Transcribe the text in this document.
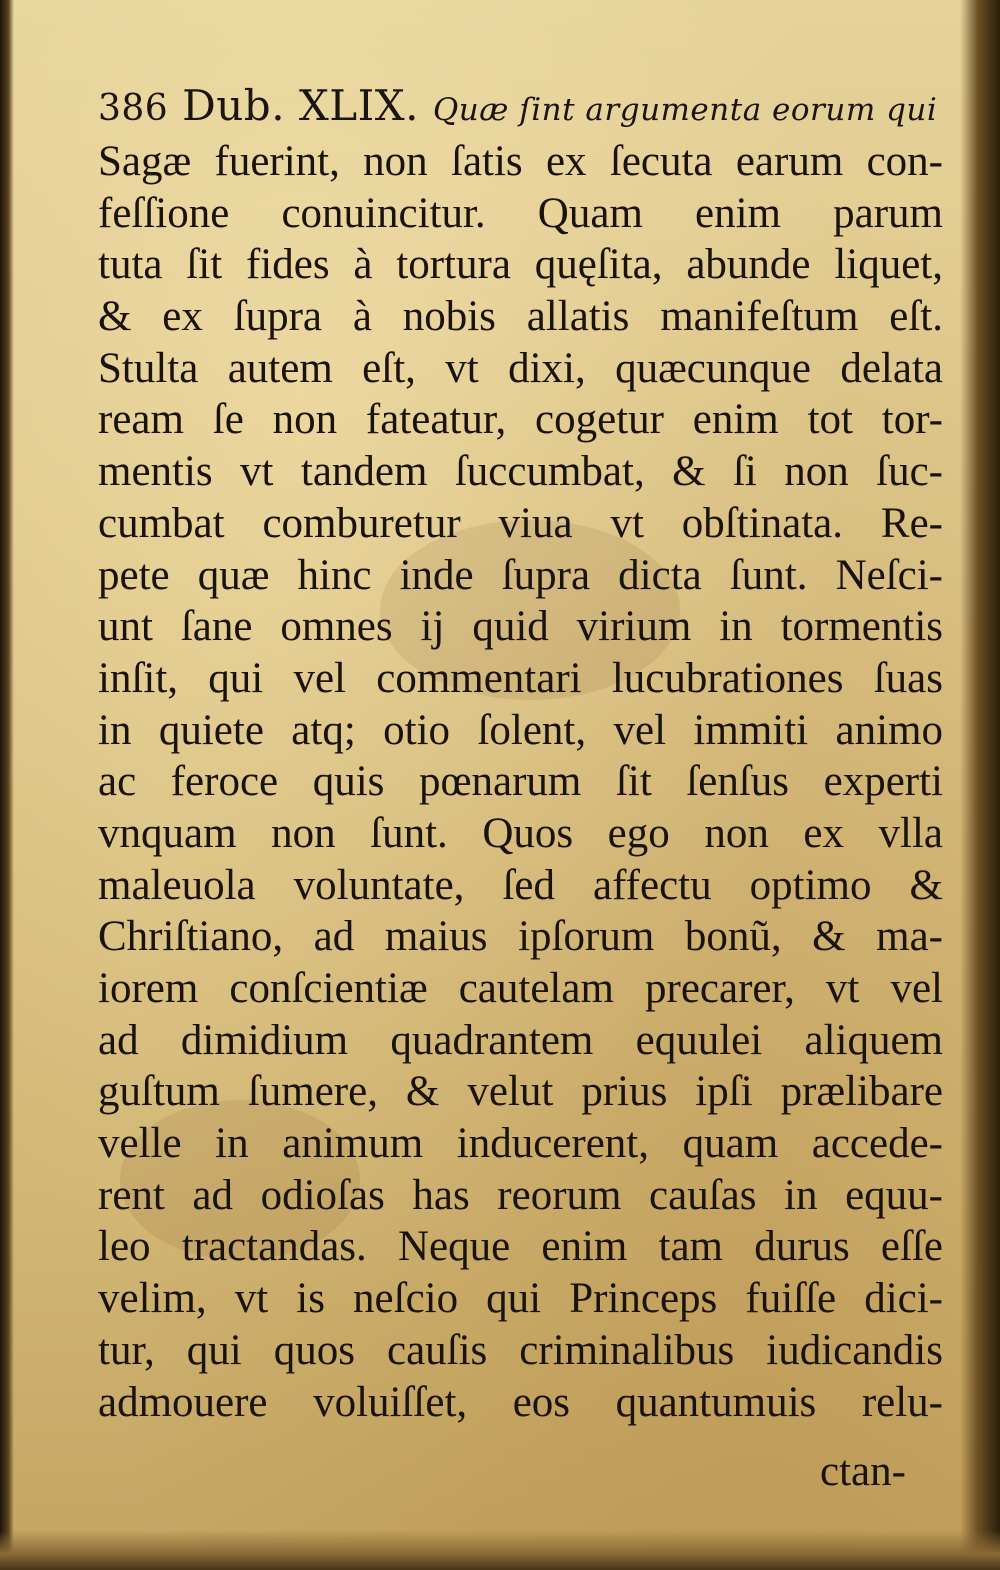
386 Dub. XLIX. Quæ ſint argumenta eorum qui
Sagæ fuerint, non ſatis ex ſecuta earum con-
feſſione conuincitur. Quam enim parum
tuta ſit fides à tortura quęſita, abunde liquet,
& ex ſupra à nobis allatis manifeſtum eſt.
Stulta autem eſt, vt dixi, quæcunque delata
ream ſe non fateatur, cogetur enim tot tor-
mentis vt tandem ſuccumbat, & ſi non ſuc-
cumbat comburetur viua vt obſtinata. Re-
pete quæ hinc inde ſupra dicta ſunt. Neſci-
unt ſane omnes ij quid virium in tormentis
inſit, qui vel commentari lucubrationes ſuas
in quiete atq; otio ſolent, vel immiti animo
ac feroce quis pœnarum ſit ſenſus experti
vnquam non ſunt. Quos ego non ex vlla
maleuola voluntate, ſed affectu optimo &
Chriſtiano, ad maius ipſorum bonũ, & ma-
iorem conſcientiæ cautelam precarer, vt vel
ad dimidium quadrantem equulei aliquem
guſtum ſumere, & velut prius ipſi prælibare
velle in animum inducerent, quam accede-
rent ad odioſas has reorum cauſas in equu-
leo tractandas. Neque enim tam durus eſſe
velim, vt is neſcio qui Princeps fuiſſe dici-
tur, qui quos cauſis criminalibus iudicandis
admouere voluiſſet, eos quantumuis relu-
ctan-
